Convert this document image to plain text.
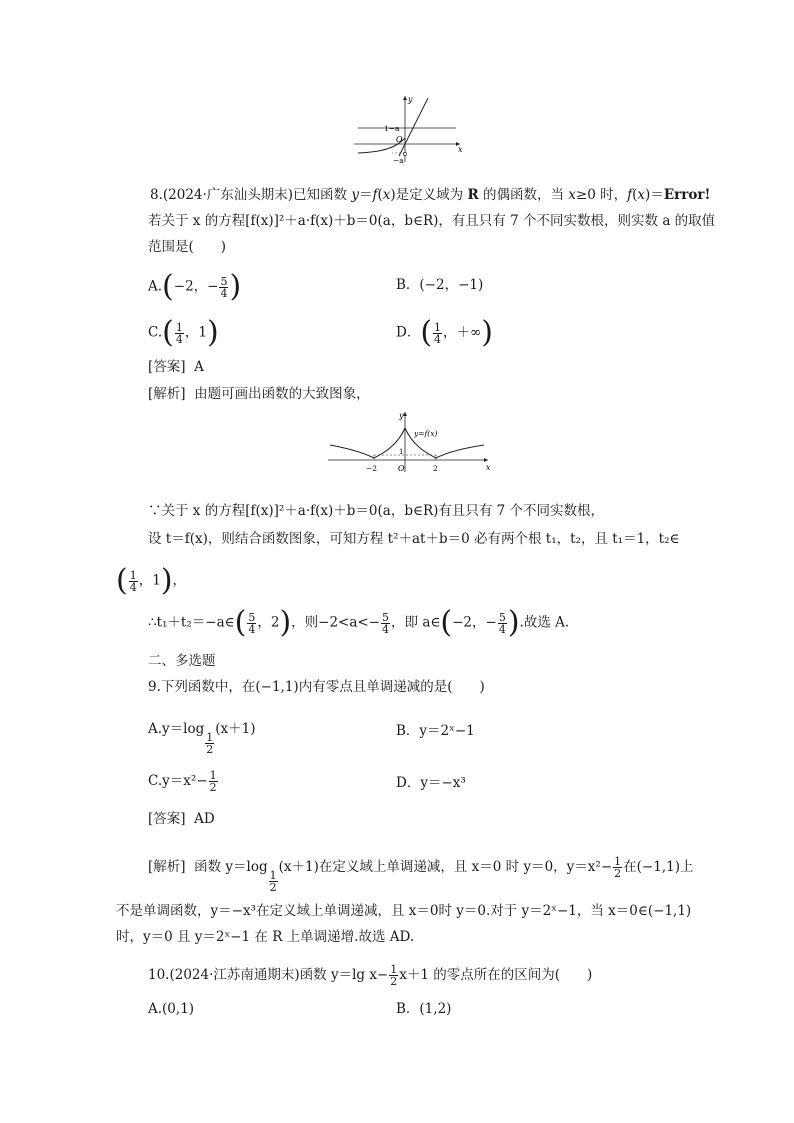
y
x
O
1−a
−a
8.(2024·广东汕头期末)已知函数 y＝f(x)是定义域为 R 的偶函数，当 x≥0 时，f(x)＝Error!
若关于 x 的方程[f(x)]²＋a·f(x)＋b＝0(a，b∈R)，有且只有 7 个不同实数根，则实数 a 的取值
范围是(　　)
A.(−2，− $\frac{5}{4}$ )	B．(−2，−1)
$C.( \frac{1}{4}$ ，1)	D．( $\frac{1}{4}$ ，＋∞)
[答案] A
[解析] 由题可画出函数的大致图象，
y
x
O
y=f(x)
−2	2
1
∵关于 x 的方程[f(x)]²＋a·f(x)＋b＝0(a，b∈R)有且只有 7 个不同实数根，
设 t＝f(x)，则结合函数图象，可知方程 t²＋at＋b＝0 必有两个根 t₁，t₂，且 t₁＝1，t₂∈
( $\frac{1}{4}$ ，1)，
∴t₁＋t₂＝−a∈( $\frac{5}{4}$ ，2)，则$-2<a<- \frac{5}{4}$ ，即 a∈(−2，− $\frac{5}{4}$ ).故选 A.
二、多选题
9.下列函数中，在(−1,1)内有零点且单调递减的是(　　)
A.y＝log
$\frac{1}{2}$
(x＋1)	B．y＝2ˣ−1
$C.y=x^2- \frac{1}{2}$	D．y＝−x³
[答案] AD
[解析] 函数 y＝log
$\frac{1}{2}$
(x＋1)在定义域上单调递减，且 x＝0 时 y＝0，$y=x^2- \frac{1}{2}$ 在(−1,1)上
不是单调函数，y＝−x³在定义域上单调递减，且 x＝0时 y＝0.对于 y＝2ˣ−1，当 x＝0∈(−1,1)
时，y＝0 且 y＝2ˣ−1 在 R 上单调递增.故选 AD.
10.(2024·江苏南通期末)函数 y＝lg $x- \frac{1}{2} x+1$ 的零点所在的区间为(　　)
A.(0,1)	B．(1,2)
